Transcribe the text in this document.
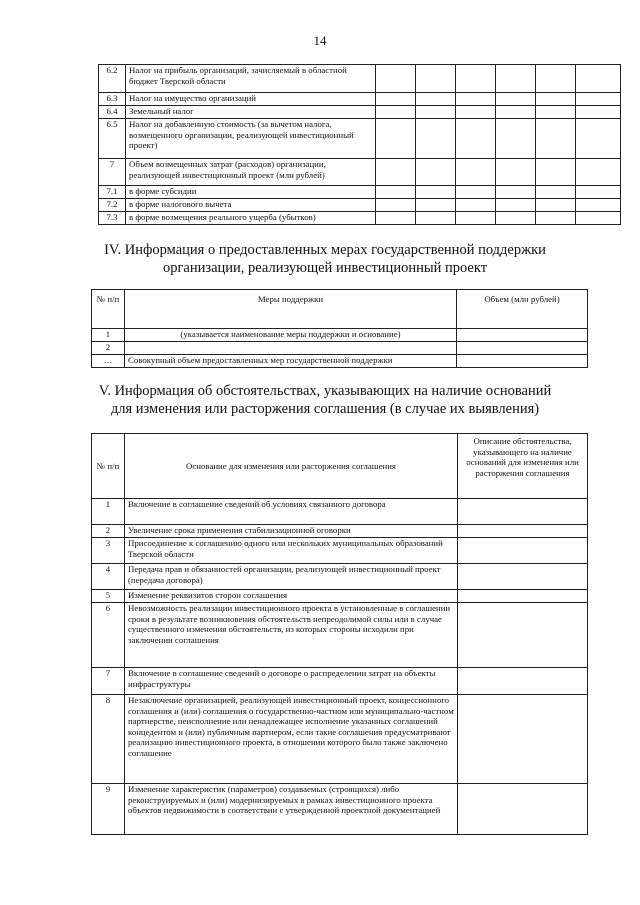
14
6.2	Налог на прибыль организаций, зачисляемый в областной бюджет Тверской области						
6.3	Налог на имущество организаций						
6.4	Земельный налог						
6.5	Налог на добавленную стоимость (за вычетом налога, возмещенного организации, реализующей инвестиционный проект)						
7	Объем возмещенных затрат (расходов) организации, реализующей инвестиционный проект (млн рублей)						
7.1	в форме субсидии						
7.2	в форме налогового вычета						
7.3	в форме возмещения реального ущерба (убытков)						
IV. Информация о предоставленных мерах государственной поддержки
организации, реализующей инвестиционный проект
№ п/п	Меры поддержки	Объем (млн рублей)
1	(указывается наименование меры поддержки и основание)	
2		
…	Совокупный объем предоставленных мер государственной поддержки	
V. Информация об обстоятельствах, указывающих на наличие оснований
для изменения или расторжения соглашения (в случае их выявления)
№ п/п	Основание для изменения или расторжения соглашения	Описание обстоятельства, указывающего на наличие оснований для изменения или расторжения соглашения
1	Включение в соглашение сведений об условиях связанного договора	
2	Увеличение срока применения стабилизационной оговорки	
3	Присоединение к соглашению одного или нескольких муниципальных образований Тверской области	
4	Передача прав и обязанностей организации, реализующей инвестиционный проект (передача договора)	
5	Изменение реквизитов сторон соглашения	
6	Невозможность реализации инвестиционного проекта в установленные в соглашении сроки в результате возникновения обстоятельств непреодолимой силы или в случае существенного изменения обстоятельств, из которых стороны исходили при заключении соглашения	
7	Включение в соглашение сведений о договоре о распределении затрат на объекты инфраструктуры	
8	Незаключение организацией, реализующей инвестиционный проект, концессионного соглашения и (или) соглашения о государственно-частном или муниципально-частном партнерстве, неисполнение или ненадлежащее исполнение указанных соглашений концедентом и (или) публичным партнером, если такие соглашения предусматривают реализацию инвестиционного проекта, в отношении которого было также заключено соглашение	
9	Изменение характеристик (параметров) создаваемых (строящихся) либо реконструируемых и (или) модернизируемых в рамках инвестиционного проекта объектов недвижимости в соответствии с утвержденной проектной документацией	
